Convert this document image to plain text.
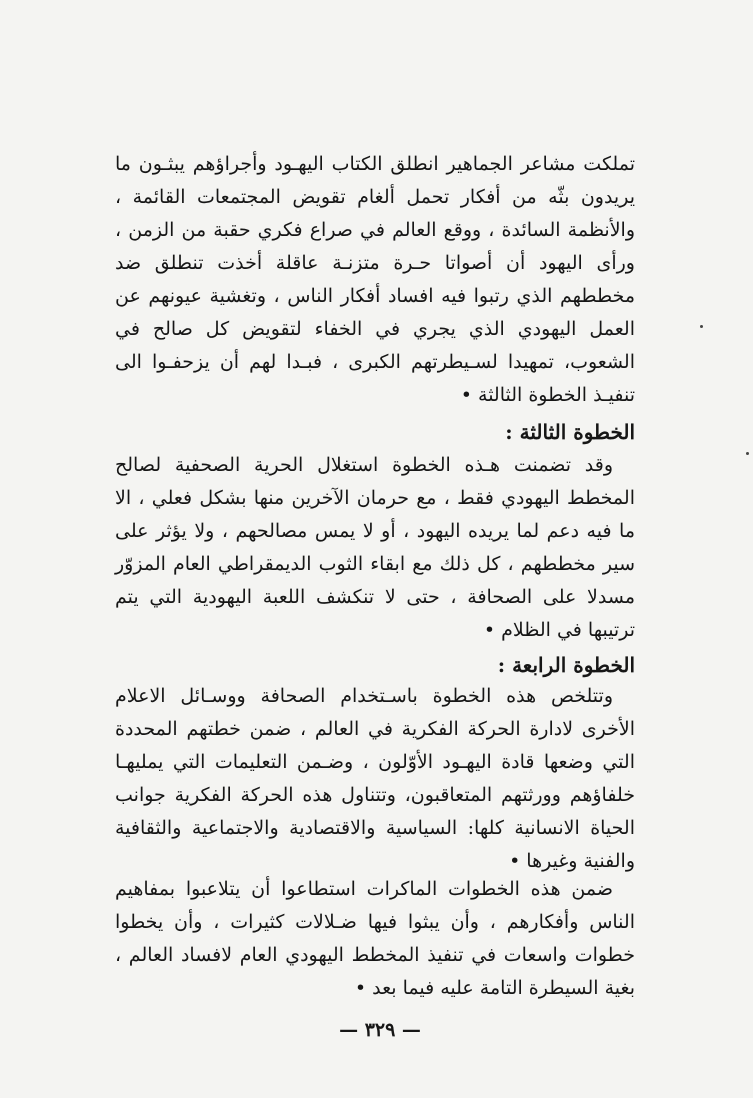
تملكت مشاعر الجماهير انطلق الكتاب اليهـود وأجراؤهم يبثـون ما يريدون بثّه من أفكار تحمل ألغام تقويض المجتمعات القائمة ، والأنظمة السائدة ، ووقع العالم في صراع فكري حقبة من الزمن ، ورأى اليهود أن أصواتا حـرة متزنـة عاقلة أخذت تنطلق ضد مخططهم الذي رتبوا فيه افساد أفكار الناس ، وتغشية عيونهم عن العمل اليهودي الذي يجري في الخفاء لتقويض كل صالح في الشعوب، تمهيدا لسـيطرتهم الكبرى ، فبـدا لهم أن يزحفـوا الى تنفيـذ الخطوة الثالثة •

الخطوة الثالثة :

وقد تضمنت هـذه الخطوة استغلال الحرية الصحفية لصالح المخطط اليهودي فقط ، مع حرمان الآخرين منها بشكل فعلي ، الا ما فيه دعم لما يريده اليهود ، أو لا يمس مصالحهم ، ولا يؤثر على سير مخططهم ، كل ذلك مع ابقاء الثوب الديمقراطي العام المزوّر مسدلا على الصحافة ، حتى لا تنكشف اللعبة اليهودية التي يتم ترتيبها في الظلام •

الخطوة الرابعة :

وتتلخص هذه الخطوة باسـتخدام الصحافة ووسـائل الاعلام الأخرى لادارة الحركة الفكرية في العالم ، ضمن خطتهم المحددة التي وضعها قادة اليهـود الأوّلون ، وضـمن التعليمات التي يمليهـا خلفاؤهم وورثتهم المتعاقبون، وتتناول هذه الحركة الفكرية جوانب الحياة الانسانية كلها: السياسية والاقتصادية والاجتماعية والثقافية والفنية وغيرها •

ضمن هذه الخطوات الماكرات استطاعوا أن يتلاعبوا بمفاهيم الناس وأفكارهم ، وأن يبثوا فيها ضـلالات كثيرات ، وأن يخطوا خطوات واسعات في تنفيذ المخطط اليهودي العام لافساد العالم ، بغية السيطرة التامة عليه فيما بعد •

— ٣٢٩ —
